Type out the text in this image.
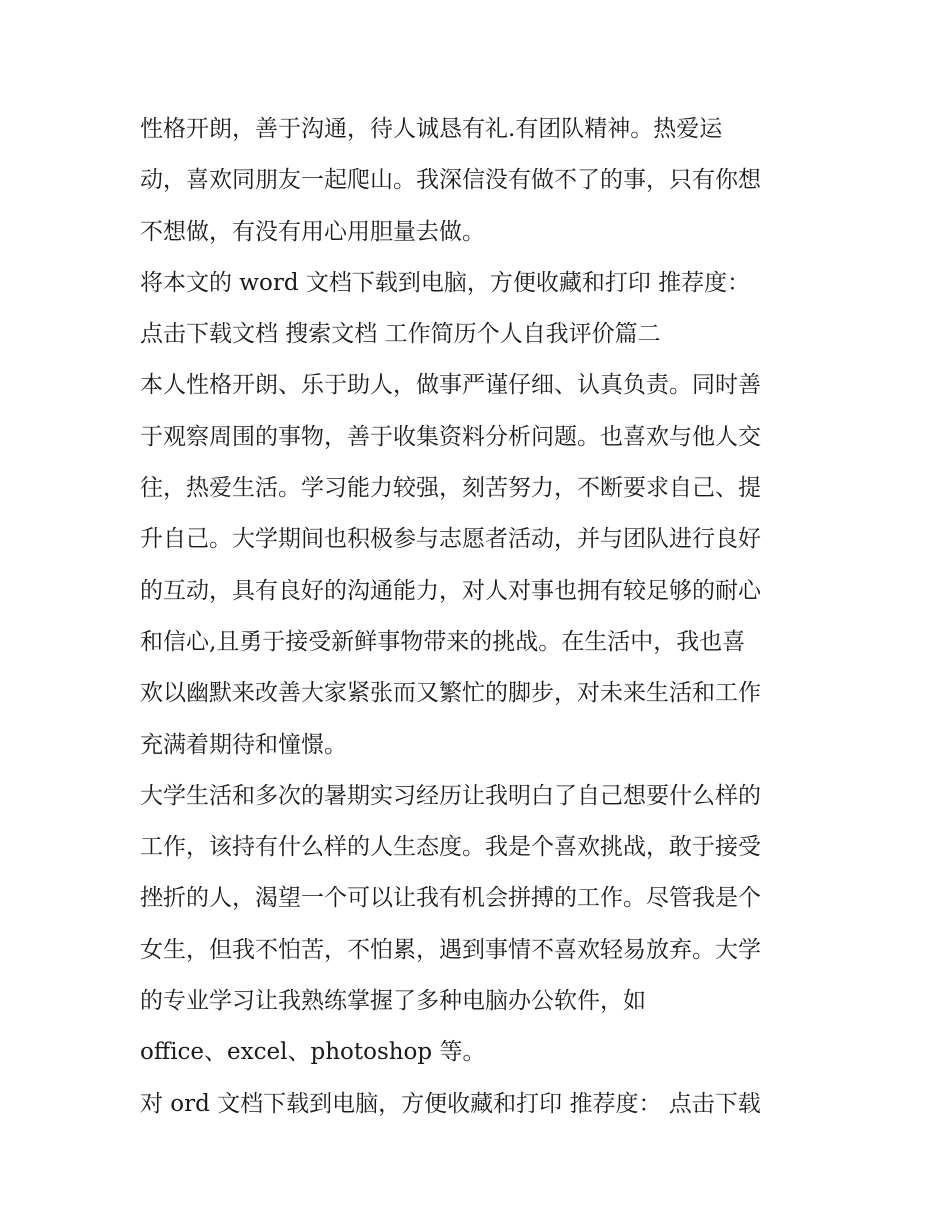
性格开朗，善于沟通，待人诚恳有礼.有团队精神。热爱运
动，喜欢同朋友一起爬山。我深信没有做不了的事，只有你想
不想做，有没有用心用胆量去做。
将本文的 word 文档下载到电脑，方便收藏和打印 推荐度：
点击下载文档 搜索文档 工作简历个人自我评价篇二
本人性格开朗、乐于助人，做事严谨仔细、认真负责。同时善
于观察周围的事物，善于收集资料分析问题。也喜欢与他人交
往，热爱生活。学习能力较强，刻苦努力，不断要求自己、提
升自己。大学期间也积极参与志愿者活动，并与团队进行良好
的互动，具有良好的沟通能力，对人对事也拥有较足够的耐心
和信心,且勇于接受新鲜事物带来的挑战。在生活中，我也喜
欢以幽默来改善大家紧张而又繁忙的脚步，对未来生活和工作
充满着期待和憧憬。
大学生活和多次的暑期实习经历让我明白了自己想要什么样的
工作，该持有什么样的人生态度。我是个喜欢挑战，敢于接受
挫折的人，渴望一个可以让我有机会拼搏的工作。尽管我是个
女生，但我不怕苦，不怕累，遇到事情不喜欢轻易放弃。大学
的专业学习让我熟练掌握了多种电脑办公软件，如
office、excel、photoshop 等。
对 ord 文档下载到电脑，方便收藏和打印 推荐度： 点击下载
